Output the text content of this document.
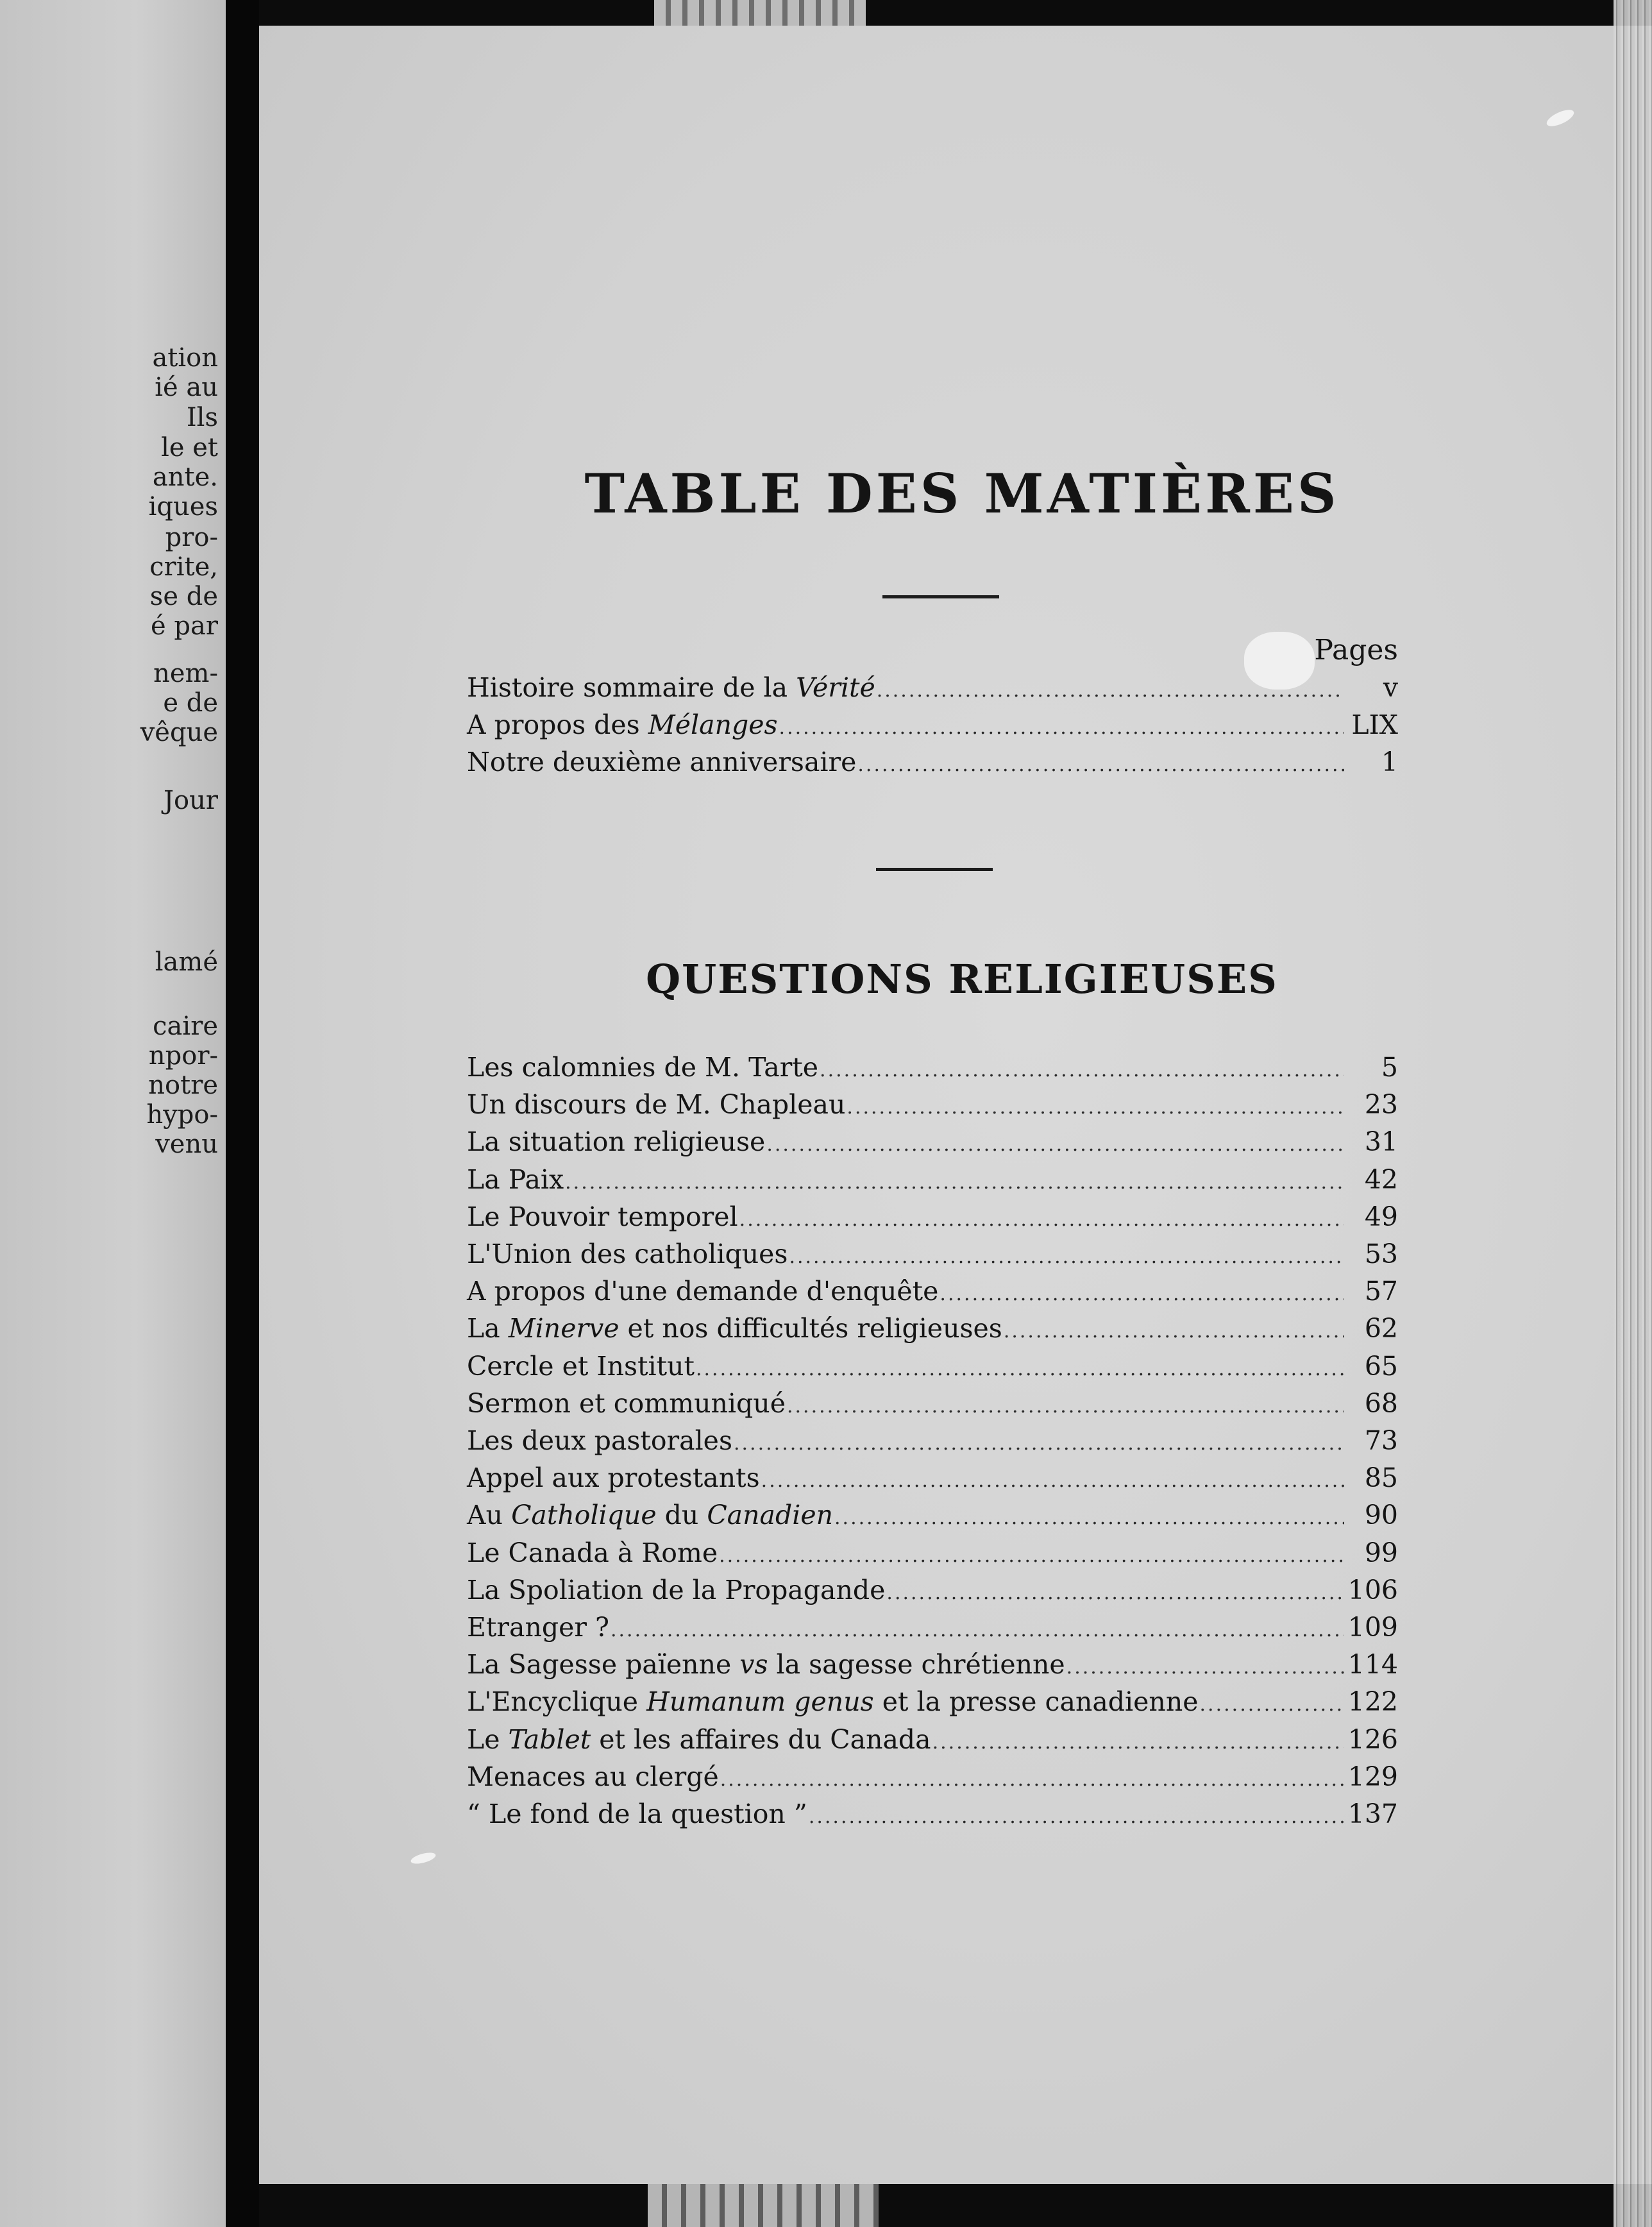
ation
ié au
Ils
le et
ante.
iques
pro-
crite,
se de
é par
nem-
e de
vêque
Jour
lamé
caire
npor-
notre
hypo-
venu
TABLE DES MATIÈRES
Pages
Histoire sommaire de la Vérité .....	v
A propos des Mélanges .....	LIX
Notre deuxième anniversaire .....	1
QUESTIONS RELIGIEUSES
Les calomnies de M. Tarte .....	5
Un discours de M. Chapleau .....	23
La situation religieuse .....	31
La Paix .....	42
Le Pouvoir temporel .....	49
L'Union des catholiques .....	53
A propos d'une demande d'enquête .....	57
La Minerve et nos difficultés religieuses .....	62
Cercle et Institut .....	65
Sermon et communiqué .....	68
Les deux pastorales .....	73
Appel aux protestants .....	85
Au Catholique du Canadien .....	90
Le Canada à Rome .....	99
La Spoliation de la Propagande .....	106
Etranger ? .....	109
La Sagesse païenne vs la sagesse chrétienne .....	114
L'Encyclique Humanum genus et la presse canadienne .....	122
Le Tablet et les affaires du Canada .....	126
Menaces au clergé .....	129
“ Le fond de la question ” .....	137
